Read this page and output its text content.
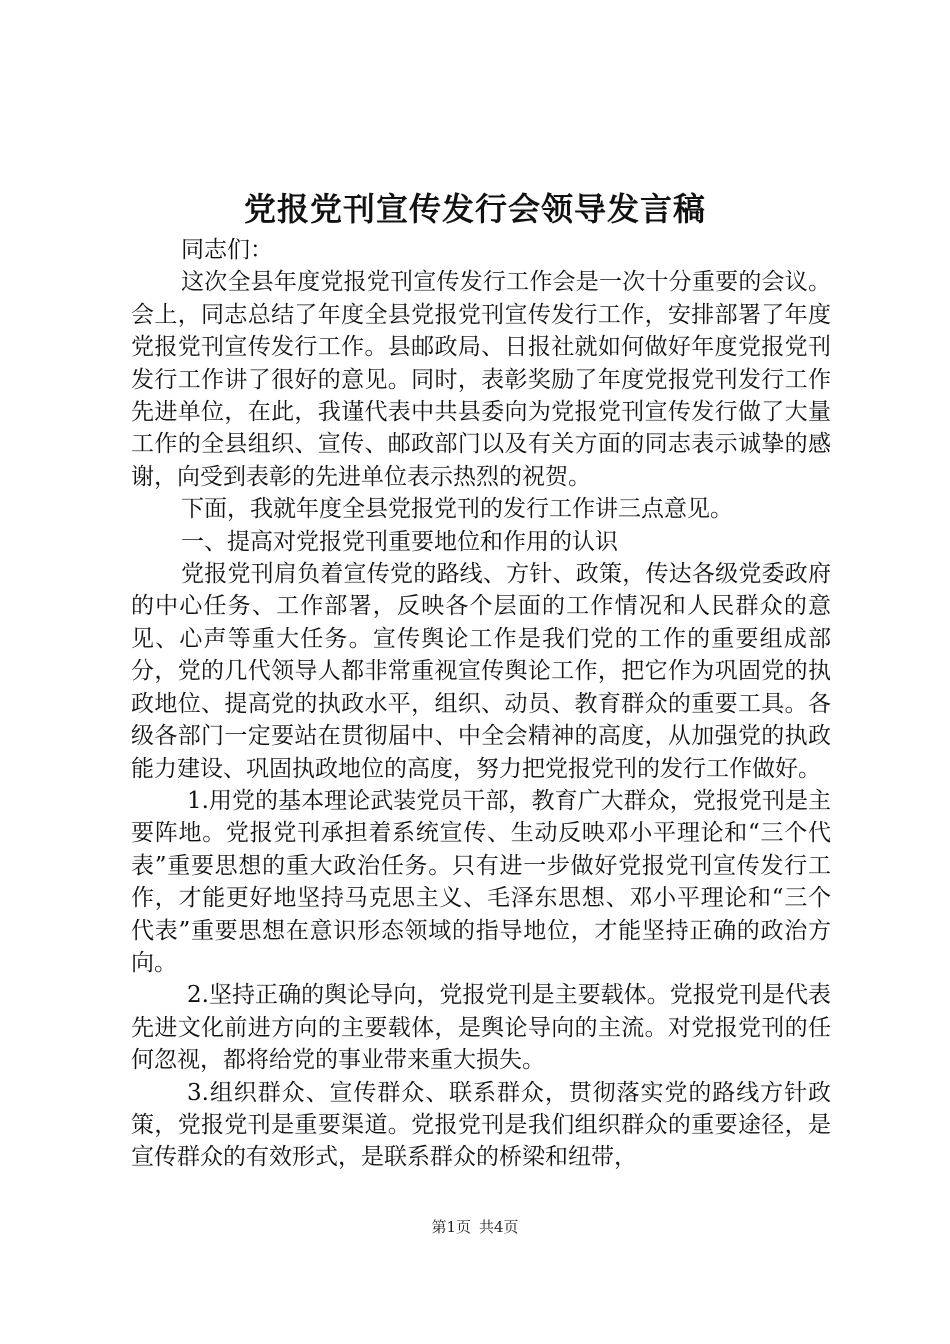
党报党刊宣传发行会领导发言稿

同志们：

这次全县年度党报党刊宣传发行工作会是一次十分重要的会议。会上，同志总结了年度全县党报党刊宣传发行工作，安排部署了年度党报党刊宣传发行工作。县邮政局、日报社就如何做好年度党报党刊发行工作讲了很好的意见。同时，表彰奖励了年度党报党刊发行工作先进单位，在此，我谨代表中共县委向为党报党刊宣传发行做了大量工作的全县组织、宣传、邮政部门以及有关方面的同志表示诚挚的感谢，向受到表彰的先进单位表示热烈的祝贺。

下面，我就年度全县党报党刊的发行工作讲三点意见。

一、提高对党报党刊重要地位和作用的认识

党报党刊肩负着宣传党的路线、方针、政策，传达各级党委政府的中心任务、工作部署，反映各个层面的工作情况和人民群众的意见、心声等重大任务。宣传舆论工作是我们党的工作的重要组成部分，党的几代领导人都非常重视宣传舆论工作，把它作为巩固党的执政地位、提高党的执政水平，组织、动员、教育群众的重要工具。各级各部门一定要站在贯彻届中、中全会精神的高度，从加强党的执政能力建设、巩固执政地位的高度，努力把党报党刊的发行工作做好。

1.用党的基本理论武装党员干部，教育广大群众，党报党刊是主要阵地。党报党刊承担着系统宣传、生动反映邓小平理论和“三个代表”重要思想的重大政治任务。只有进一步做好党报党刊宣传发行工作，才能更好地坚持马克思主义、毛泽东思想、邓小平理论和“三个代表”重要思想在意识形态领域的指导地位，才能坚持正确的政治方向。

2.坚持正确的舆论导向，党报党刊是主要载体。党报党刊是代表先进文化前进方向的主要载体，是舆论导向的主流。对党报党刊的任何忽视，都将给党的事业带来重大损失。

3.组织群众、宣传群众、联系群众，贯彻落实党的路线方针政策，党报党刊是重要渠道。党报党刊是我们组织群众的重要途径，是宣传群众的有效形式，是联系群众的桥梁和纽带，

第1页 共4页
